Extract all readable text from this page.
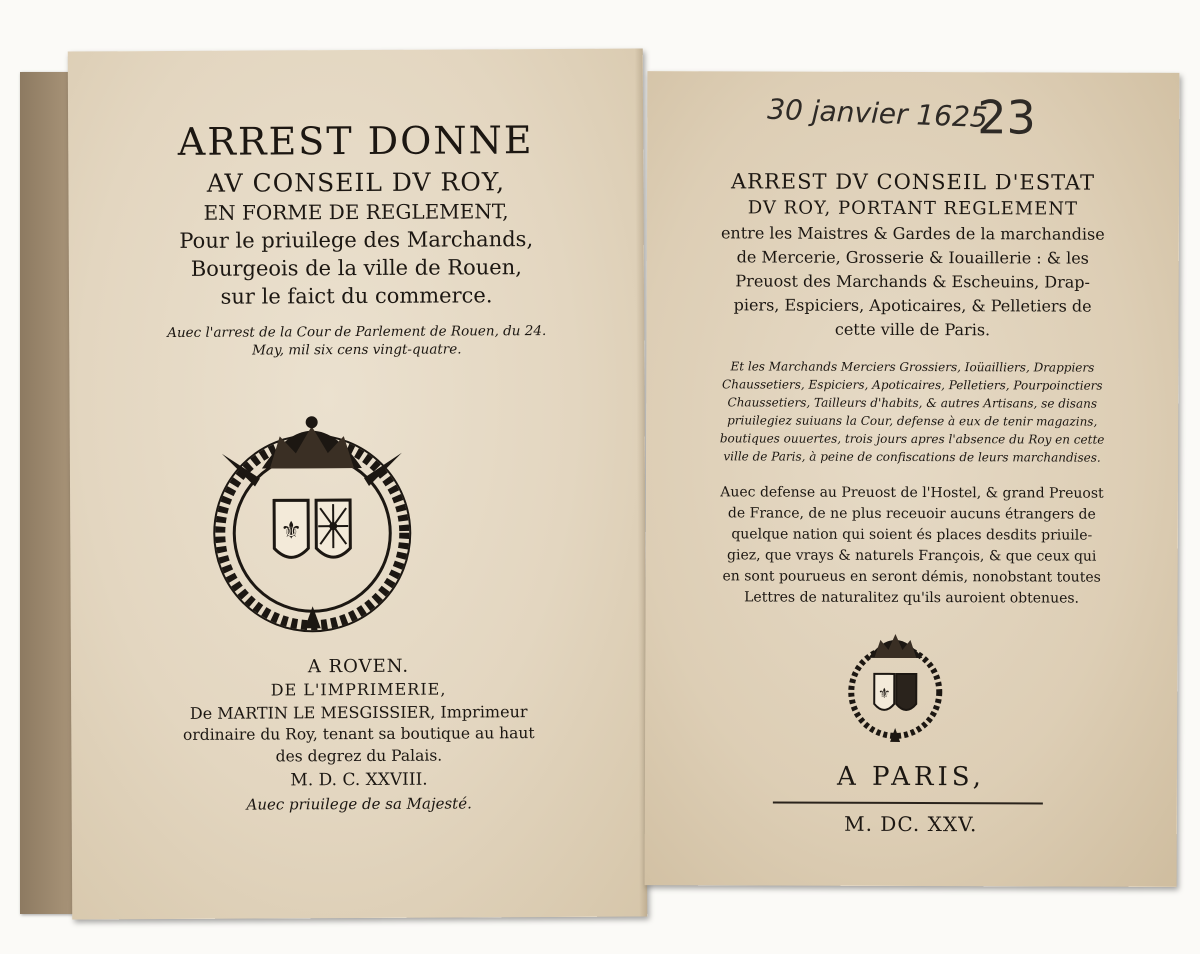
ARREST DONNE

AV CONSEIL DV ROY,

EN FORME DE REGLEMENT,

Pour le priuilege des Marchands,

Bourgeois de la ville de Rouen,

sur le faict du commerce.

Auec l'arrest de la Cour de Parlement de Rouen, du 24.

May, mil six cens vingt-quatre.

⚜

A ROVEN.

DE L'IMPRIMERIE,

De MARTIN LE MESGISSIER, Imprimeur

ordinaire du Roy, tenant sa boutique au haut

des degrez du Palais.

M. D. C. XXVIII.

Auec priuilege de sa Majesté.

30 janvier 1625
23

ARREST DV CONSEIL D'ESTAT

DV ROY, PORTANT REGLEMENT

entre les Maistres & Gardes de la marchandise

de Mercerie, Grosserie & Iouaillerie : & les

Preuost des Marchands & Escheuins, Drap-

piers, Espiciers, Apoticaires, & Pelletiers de

cette ville de Paris.

Et les Marchands Merciers Grossiers, Ioüailliers, Drappiers

Chaussetiers, Espiciers, Apoticaires, Pelletiers, Pourpoinctiers

Chaussetiers, Tailleurs d'habits, & autres Artisans, se disans

priuilegiez suiuans la Cour, defense à eux de tenir magazins,

boutiques ouuertes, trois jours apres l'absence du Roy en cette

ville de Paris, à peine de confiscations de leurs marchandises.

Auec defense au Preuost de l'Hostel, & grand Preuost

de France, de ne plus receuoir aucuns étrangers de

quelque nation qui soient és places desdits priuile-

giez, que vrays & naturels François, & que ceux qui

en sont pourueus en seront démis, nonobstant toutes

Lettres de naturalitez qu'ils auroient obtenues.

⚜

A PARIS,

M. DC. XXV.
